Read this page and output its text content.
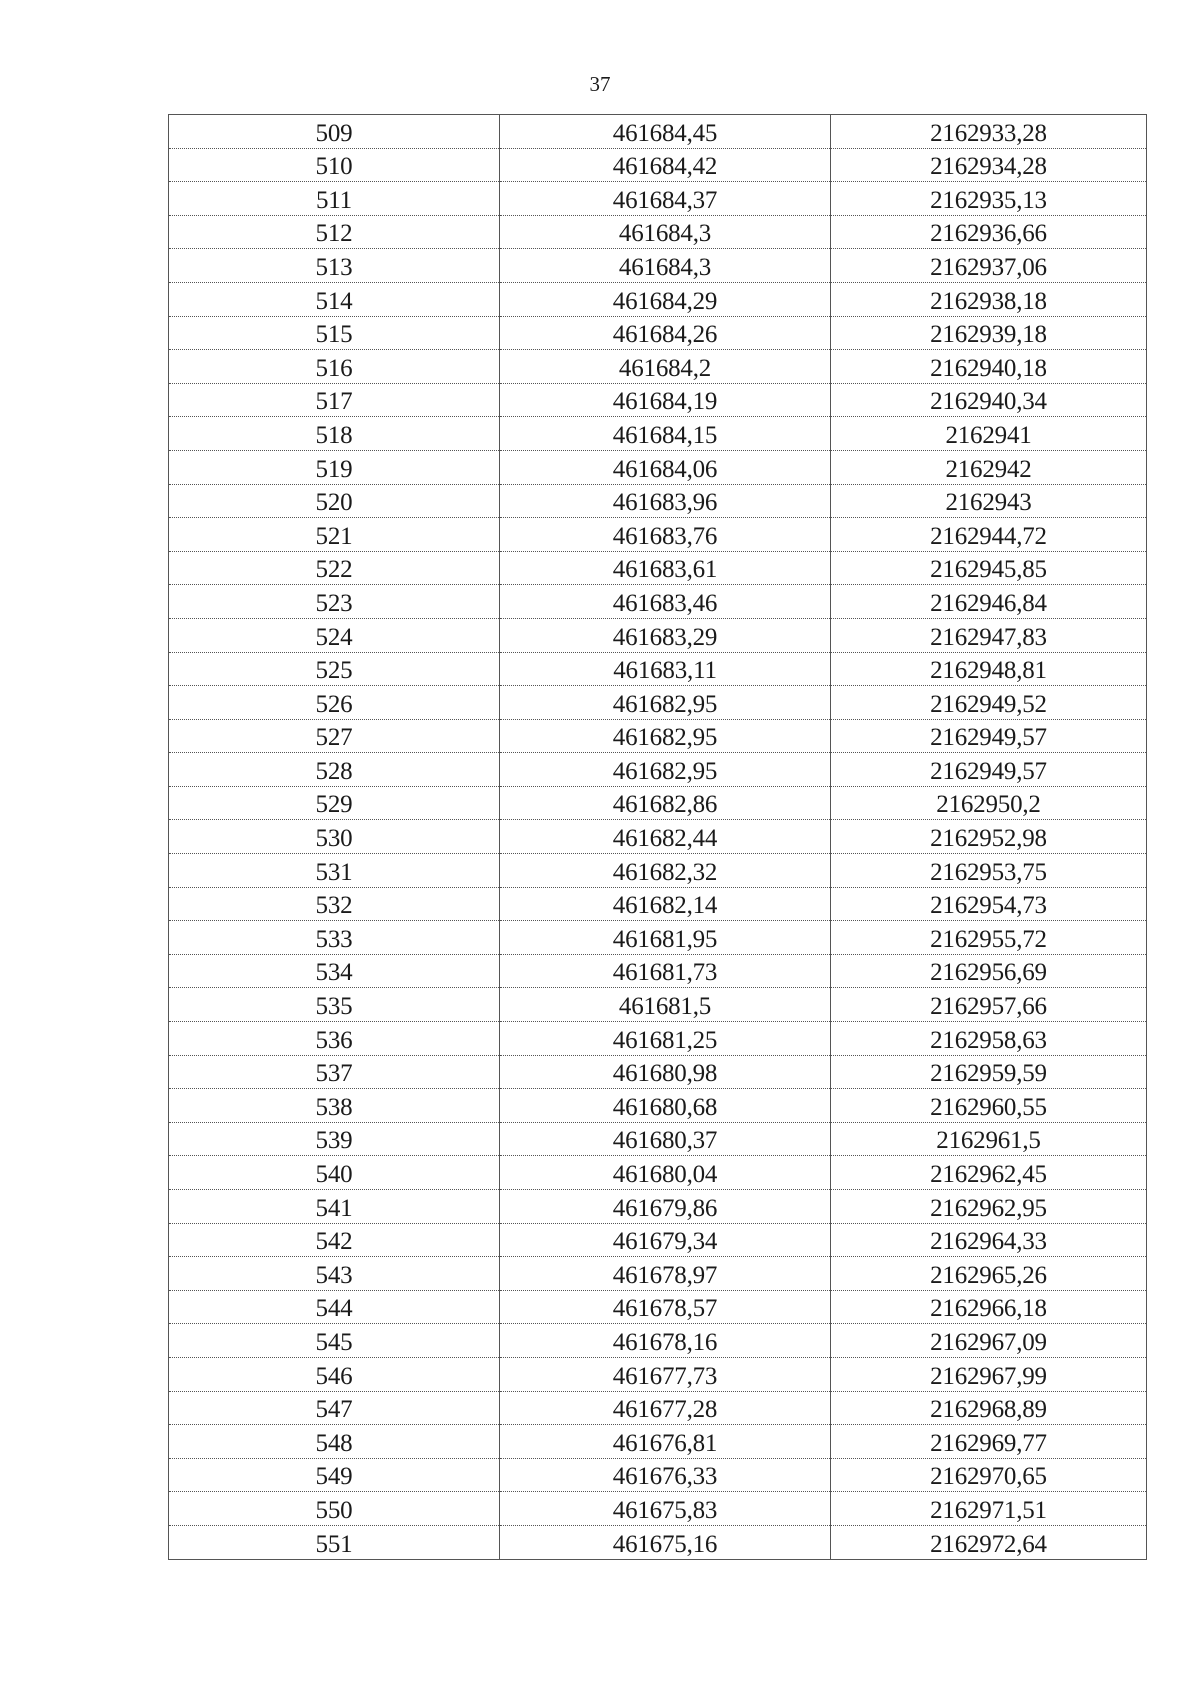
37
509	461684,45	2162933,28
510	461684,42	2162934,28
511	461684,37	2162935,13
512	461684,3	2162936,66
513	461684,3	2162937,06
514	461684,29	2162938,18
515	461684,26	2162939,18
516	461684,2	2162940,18
517	461684,19	2162940,34
518	461684,15	2162941
519	461684,06	2162942
520	461683,96	2162943
521	461683,76	2162944,72
522	461683,61	2162945,85
523	461683,46	2162946,84
524	461683,29	2162947,83
525	461683,11	2162948,81
526	461682,95	2162949,52
527	461682,95	2162949,57
528	461682,95	2162949,57
529	461682,86	2162950,2
530	461682,44	2162952,98
531	461682,32	2162953,75
532	461682,14	2162954,73
533	461681,95	2162955,72
534	461681,73	2162956,69
535	461681,5	2162957,66
536	461681,25	2162958,63
537	461680,98	2162959,59
538	461680,68	2162960,55
539	461680,37	2162961,5
540	461680,04	2162962,45
541	461679,86	2162962,95
542	461679,34	2162964,33
543	461678,97	2162965,26
544	461678,57	2162966,18
545	461678,16	2162967,09
546	461677,73	2162967,99
547	461677,28	2162968,89
548	461676,81	2162969,77
549	461676,33	2162970,65
550	461675,83	2162971,51
551	461675,16	2162972,64
